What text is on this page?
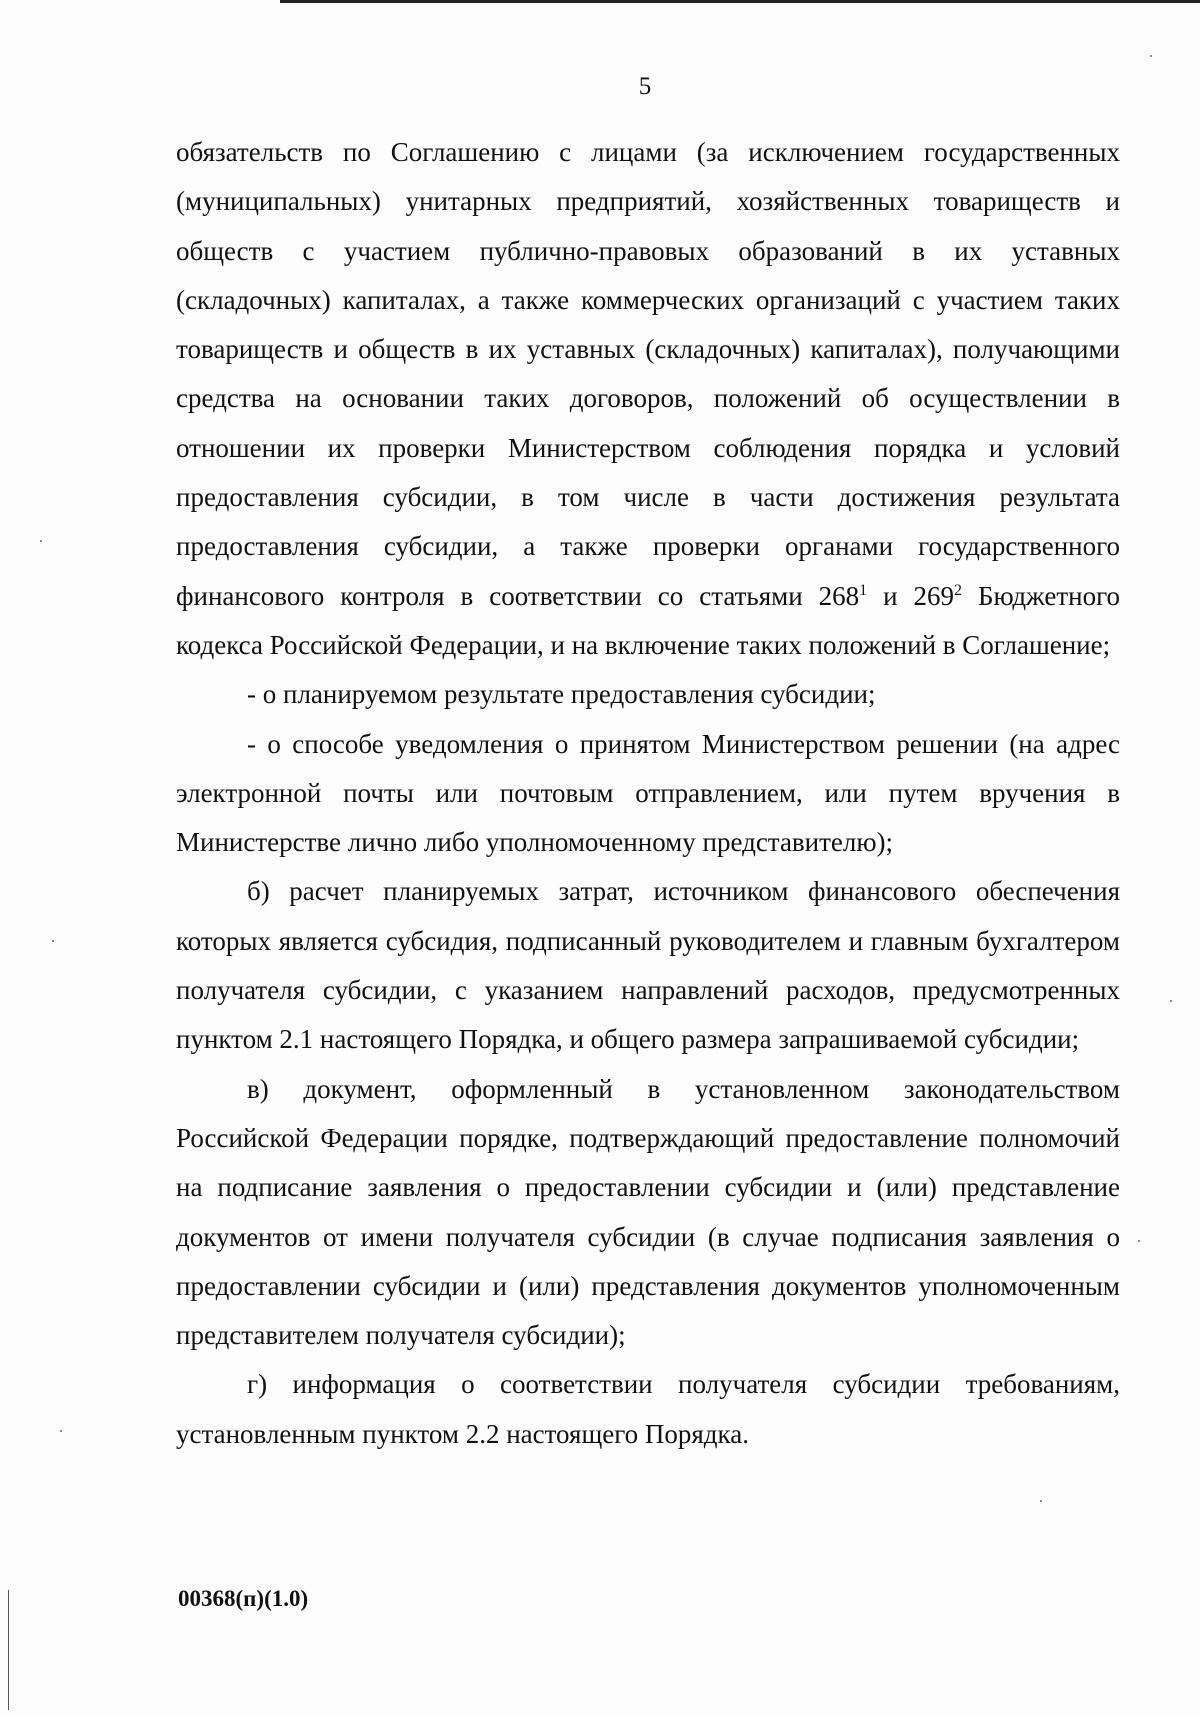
5

обязательств по Соглашению с лицами (за исключением государственных (муниципальных) унитарных предприятий, хозяйственных товариществ и обществ с участием публично-правовых образований в их уставных (складочных) капиталах, а также коммерческих организаций с участием таких товариществ и обществ в их уставных (складочных) капиталах), получающими средства на основании таких договоров, положений об осуществлении в отношении их проверки Министерством соблюдения порядка и условий предоставления субсидии, в том числе в части достижения результата предоставления субсидии, а также проверки органами государственного финансового контроля в соответствии со статьями $268^1$ и $269^2$ Бюджетного кодекса Российской Федерации, и на включение таких положений в Соглашение;

- о планируемом результате предоставления субсидии;

- о способе уведомления о принятом Министерством решении (на адрес электронной почты или почтовым отправлением, или путем вручения в Министерстве лично либо уполномоченному представителю);

б) расчет планируемых затрат, источником финансового обеспечения которых является субсидия, подписанный руководителем и главным бухгалтером получателя субсидии, с указанием направлений расходов, предусмотренных пунктом 2.1 настоящего Порядка, и общего размера запрашиваемой субсидии;

в) документ, оформленный в установленном законодательством Российской Федерации порядке, подтверждающий предоставление полномочий на подписание заявления о предоставлении субсидии и (или) представление документов от имени получателя субсидии (в случае подписания заявления о предоставлении субсидии и (или) представления документов уполномоченным представителем получателя субсидии);

г) информация о соответствии получателя субсидии требованиям, установленным пунктом 2.2 настоящего Порядка.

00368(п)(1.0)
